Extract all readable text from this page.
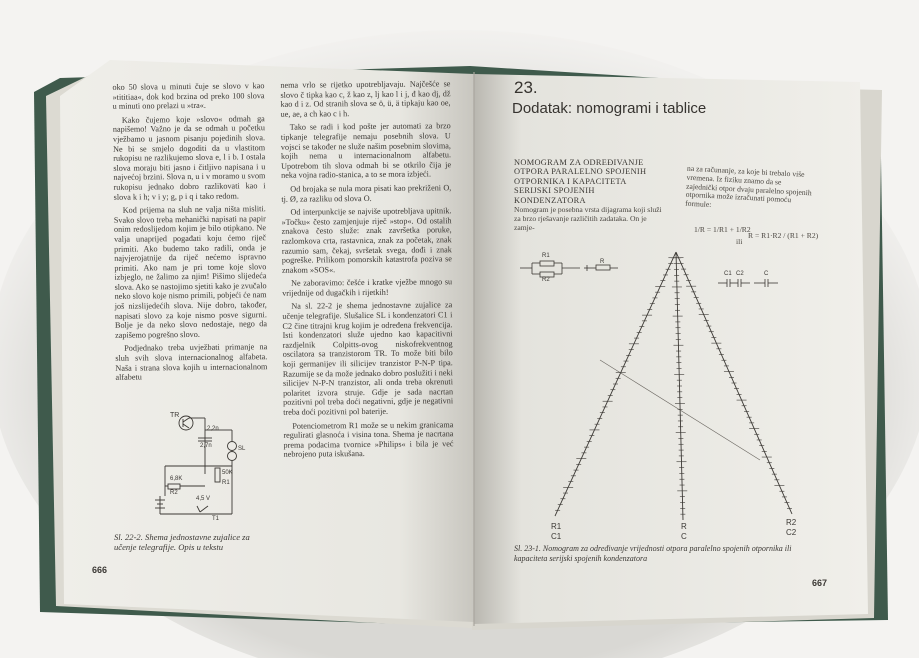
oko 50 slova u minuti čuje se slovo v kao »tititiaa«, dok kod brzina od preko 100 slova u minuti ono prelazi u »tra«.

Kako čujemo koje »slovo« odmah ga napišemo! Važno je da se odmah u početku vježbamo u jasnom pisanju pojedinih slova. Ne bi se smjelo dogoditi da u vlastitom rukopisu ne razlikujemo slova e, l i b. I ostala slova moraju biti jasno i čitljivo napisana i u najvećoj brzini. Slova n, u i v moramo u svom rukopisu jednako dobro razlikovati kao i slova k i h; v i y; g, p i q i tako redom.

Kod prijema na sluh ne valja ništa misliti. Svako slovo treba mehanički napisati na papir onim redoslijedom kojim je bilo otipkano. Ne valja unaprijed pogađati koju ćemo riječ primiti. Ako budemo tako radili, onda je najvjerojatnije da riječ nećemo ispravno primiti. Ako nam je pri tome koje slovo izbjeglo, ne žalimo za njim! Pišimo slijedeća slova. Ako se nastojimo sjetiti kako je zvučalo neko slovo koje nismo primili, pobjeći će nam još nizslijedećih slova. Nije dobro, također, napisati slovo za koje nismo posve sigurni. Bolje je da neko slovo nedostaje, nego da zapišemo pogrešno slovo.

Podjednako treba uvježbati primanje na sluh svih slova internacionalnog alfabeta. Naša i strana slova kojih u internacionalnom alfabetu

nema vrlo se rijetko upotrebljavaju. Najčešće se slovo č tipka kao c, ž kao z, lj kao l i j, đ kao dj, dž kao d i z. Od stranih slova se ö, ü, ä tipkaju kao oe, ue, ae, a ch kao c i h.

Tako se radi i kod pošte jer automati za brzo tipkanje telegrafije nemaju posebnih slova. U vojsci se također ne služe našim posebnim slovima, kojih nema u internacionalnom alfabetu. Upotrebom tih slova odmah bi se otkrilo čija je neka vojna radio-stanica, a to se mora izbjeći.

Od brojaka se nula mora pisati kao prekriženi O, tj. Ø, za razliku od slova O.

Od interpunkcije se najviše upotrebljava upitnik. »Točku« često zamjenjuje riječ »stop«. Od ostalih znakova često služe: znak završetka poruke, razlomkova crta, rastavnica, znak za početak, znak razumio sam, čekaj, svršetak svega, dođi i znak pogreške. Prilikom pomorskih katastrofa poziva se znakom »SOS«.

Ne zaboravimo: češće i kratke vježbe mnogo su vrijednije od dugačkih i rijetkih!

Na sl. 22-2 je shema jednostavne zujalice za učenje telegrafije. Slušalice SL i kondenzatori C1 i C2 čine titrajni krug kojim je određena frekvencija. Isti kondenzatori služe ujedno kao kapacitivni razdjelnik Colpitts-ovog niskofrekventnog oscilatora sa tranzistorom TR. To može biti bilo koji germanijev ili silicijev tranzistor P-N-P tipa. Razumije se da može jednako dobro poslužiti i neki silicijev N-P-N tranzistor, ali onda treba okrenuti polaritet izvora struje. Gdje je sada nacrtan pozitivni pol treba doći negativni, gdje je negativni treba doći pozitivni pol baterije.

Potenciometrom R1 može se u nekim granicama regulirati glasnoća i visina tona. Shema je nacrtana prema podacima tvornice »Philips« i bila je već nebrojeno puta iskušana.

TR
2,2n
2,7n	SL
6,8K
R2
50K
R1
4,5 V
T1
Sl. 22-2. Shema jednostavne zujalice za učenje telegrafije. Opis u tekstu
666
23.
Dodatak: nomogrami i tablice
NOMOGRAM ZA ODREĐIVANJE OTPORA PARALELNO SPOJENIH OTPORNIKA I KAPACITETA SERIJSKI SPOJENIH KONDENZATORA
Nomogram je posebna vrsta dijagrama koji služi za brzo rješavanje različitih zadataka. On je zamje-
na za računanje, za koje bi trebalo više vremena. Iz fiziku znamo da se zajednički otpor dvaju paralelno spojenih otpornika može izračunati pomoću formule:
1/R = 1/R1 + 1/R2
ili
R = R1·R2 / (R1 + R2)
R1
R2
R
C1 C2	C
R1
C1
R
C
R2
C2
Sl. 23-1. Nomogram za određivanje vrijednosti otpora paralelno spojenih otpornika ili kapaciteta serijski spojenih kondenzatora
667
